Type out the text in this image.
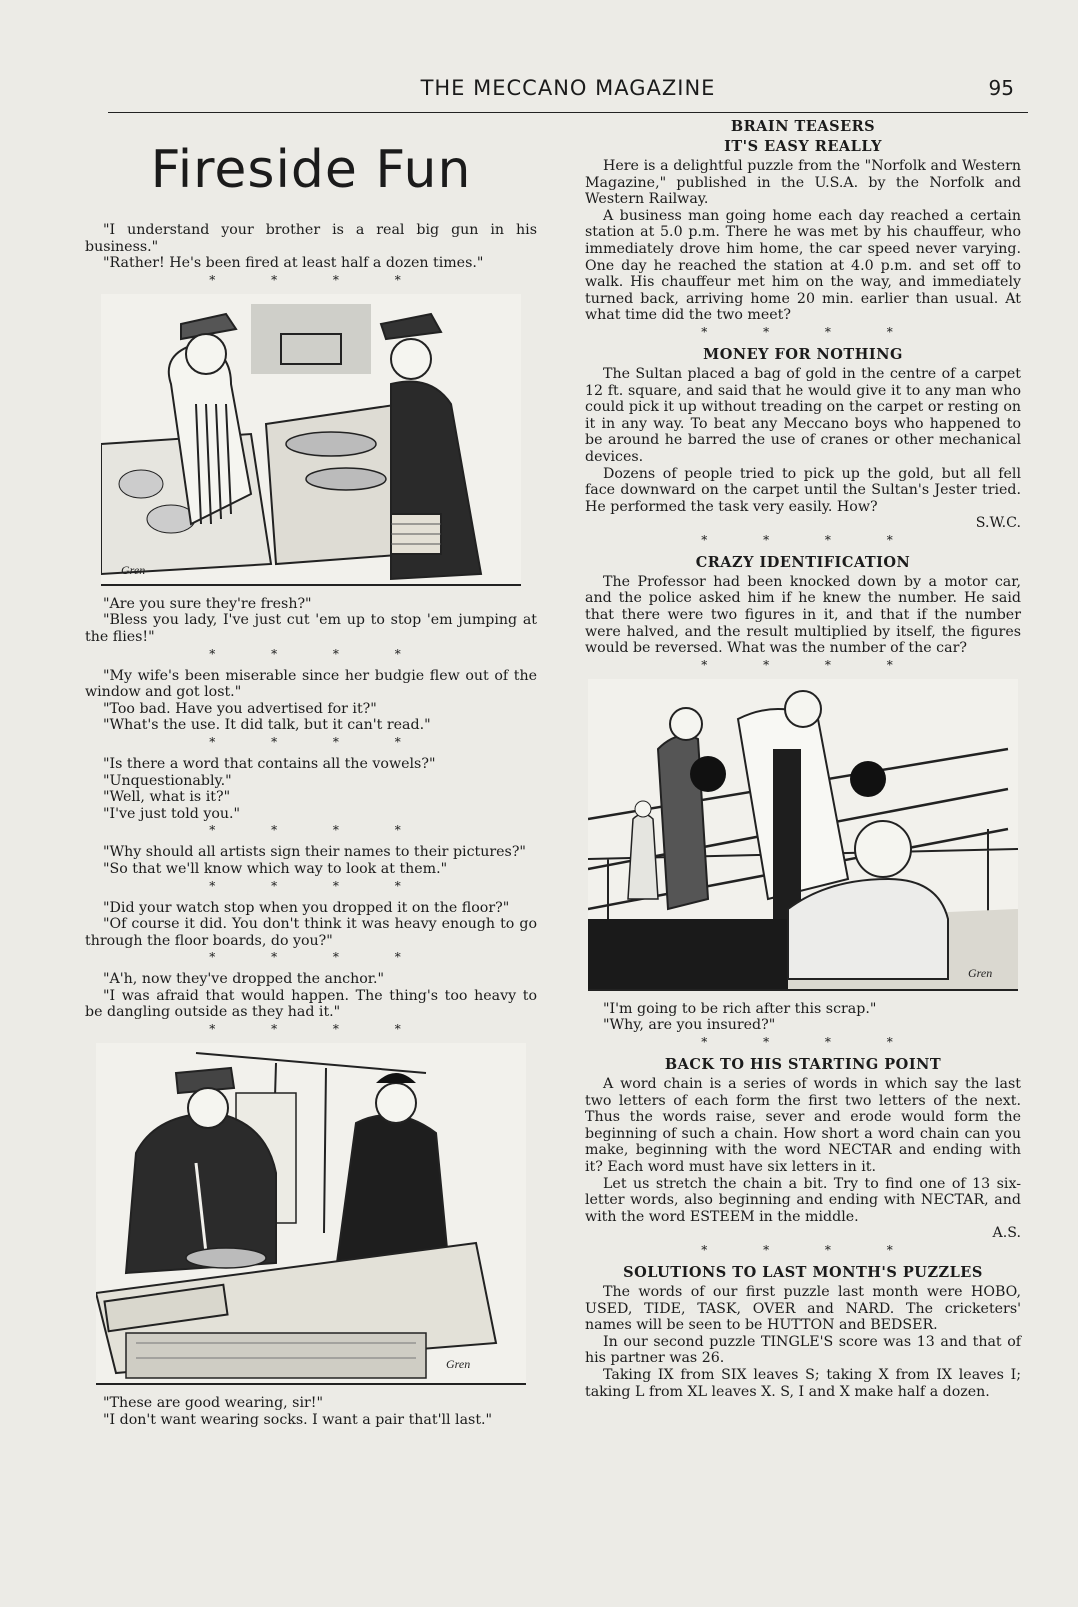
THE MECCANO MAGAZINE	95
Fireside Fun

"I understand your brother is a real big gun in his business."

"Rather! He's been fired at least half a dozen times."

* * * *
Gren

"Are you sure they're fresh?"

"Bless you lady, I've just cut 'em up to stop 'em jumping at the flies!"

* * * *

"My wife's been miserable since her budgie flew out of the window and got lost."

"Too bad. Have you advertised for it?"

"What's the use. It did talk, but it can't read."

* * * *

"Is there a word that contains all the vowels?"

"Unquestionably."

"Well, what is it?"

"I've just told you."

* * * *

"Why should all artists sign their names to their pictures?"

"So that we'll know which way to look at them."

* * * *

"Did your watch stop when you dropped it on the floor?"

"Of course it did. You don't think it was heavy enough to go through the floor boards, do you?"

* * * *

"A'h, now they've dropped the anchor."

"I was afraid that would happen. The thing's too heavy to be dangling outside as they had it."

* * * *
Gren

"These are good wearing, sir!"

"I don't want wearing socks. I want a pair that'll last."

BRAIN TEASERS
IT'S EASY REALLY

Here is a delightful puzzle from the "Norfolk and Western Magazine," published in the U.S.A. by the Norfolk and Western Railway.

A business man going home each day reached a certain station at 5.0 p.m. There he was met by his chauffeur, who immediately drove him home, the car speed never varying. One day he reached the station at 4.0 p.m. and set off to walk. His chauffeur met him on the way, and immediately turned back, arriving home 20 min. earlier than usual. At what time did the two meet?

* * * *
MONEY FOR NOTHING

The Sultan placed a bag of gold in the centre of a carpet 12 ft. square, and said that he would give it to any man who could pick it up without treading on the carpet or resting on it in any way. To beat any Meccano boys who happened to be around he barred the use of cranes or other mechanical devices.

Dozens of people tried to pick up the gold, but all fell face downward on the carpet until the Sultan's Jester tried. He performed the task very easily. How?

S.W.C.

* * * *
CRAZY IDENTIFICATION

The Professor had been knocked down by a motor car, and the police asked him if he knew the number. He said that there were two figures in it, and that if the number were halved, and the result multiplied by itself, the figures would be reversed. What was the number of the car?

* * * *
Gren

"I'm going to be rich after this scrap."

"Why, are you insured?"

* * * *
BACK TO HIS STARTING POINT

A word chain is a series of words in which say the last two letters of each form the first two letters of the next. Thus the words raise, sever and erode would form the beginning of such a chain. How short a word chain can you make, beginning with the word NECTAR and ending with it? Each word must have six letters in it.

Let us stretch the chain a bit. Try to find one of 13 six-letter words, also beginning and ending with NECTAR, and with the word ESTEEM in the middle.

A.S.

* * * *
SOLUTIONS TO LAST MONTH'S PUZZLES

The words of our first puzzle last month were HOBO, USED, TIDE, TASK, OVER and NARD. The cricketers' names will be seen to be HUTTON and BEDSER.

In our second puzzle TINGLE'S score was 13 and that of his partner was 26.

Taking IX from SIX leaves S; taking X from IX leaves I; taking L from XL leaves X. S, I and X make half a dozen.
